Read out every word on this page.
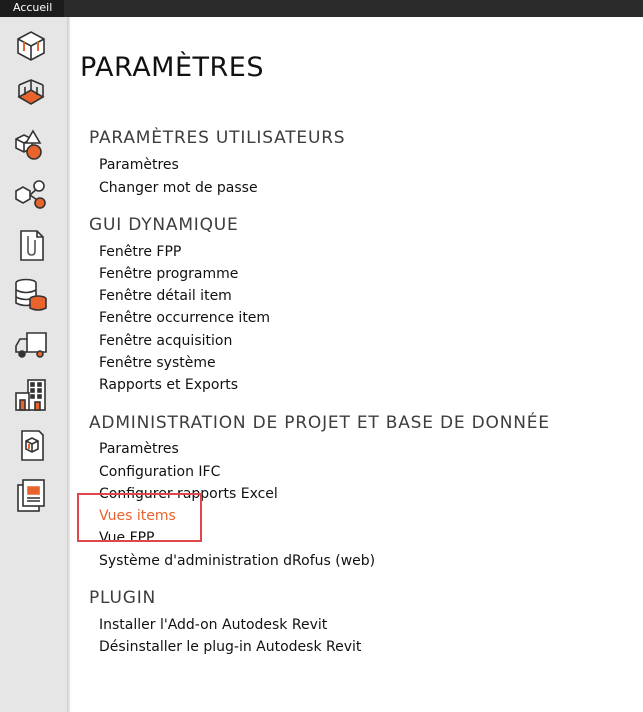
Accueil
PARAMÈTRES
PARAMÈTRES UTILISATEURS
Paramètres
Changer mot de passe
GUI DYNAMIQUE
Fenêtre FPP
Fenêtre programme
Fenêtre détail item
Fenêtre occurrence item
Fenêtre acquisition
Fenêtre système
Rapports et Exports
ADMINISTRATION DE PROJET ET BASE DE DONNÉE
Paramètres
Configuration IFC
Configurer rapports Excel
Vues items
Vue FPP
Système d'administration dRofus (web)
PLUGIN
Installer l'Add-on Autodesk Revit
Désinstaller le plug-in Autodesk Revit
